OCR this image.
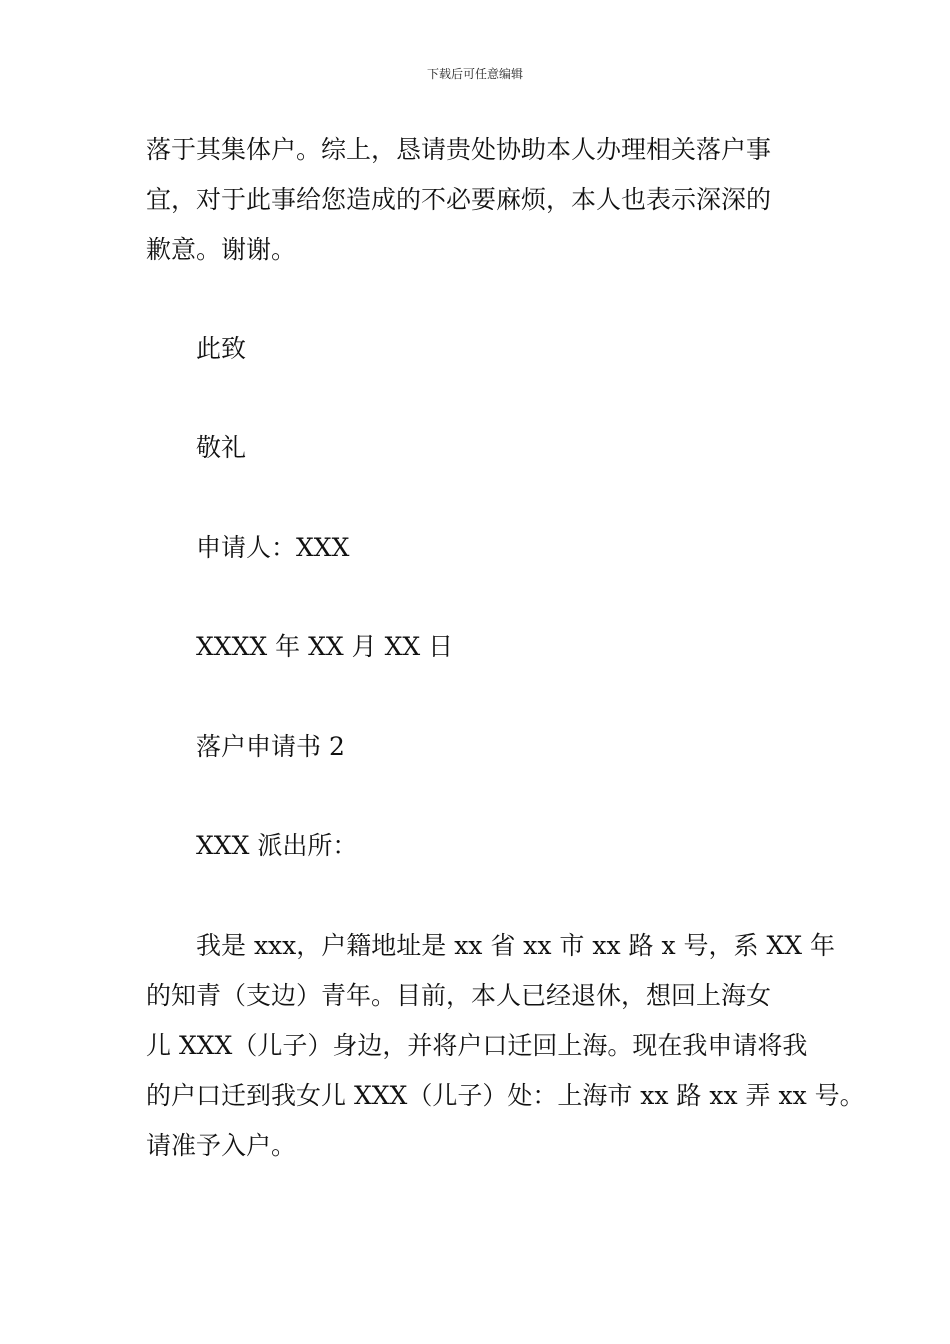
下载后可任意编辑
落于其集体户。综上，恳请贵处协助本人办理相关落户事
宜，对于此事给您造成的不必要麻烦，本人也表示深深的
歉意。谢谢。
此致
敬礼
申请人：XXX
XXXX 年 XX 月 XX 日
落户申请书 2
XXX 派出所：
我是 xxx，户籍地址是 xx 省 xx 市 xx 路 x 号，系 XX 年
的知青（支边）青年。目前，本人已经退休，想回上海女
儿 XXX（儿子）身边，并将户口迁回上海。现在我申请将我
的户口迁到我女儿 XXX（儿子）处：上海市 xx 路 xx 弄 xx 号。
请准予入户。
